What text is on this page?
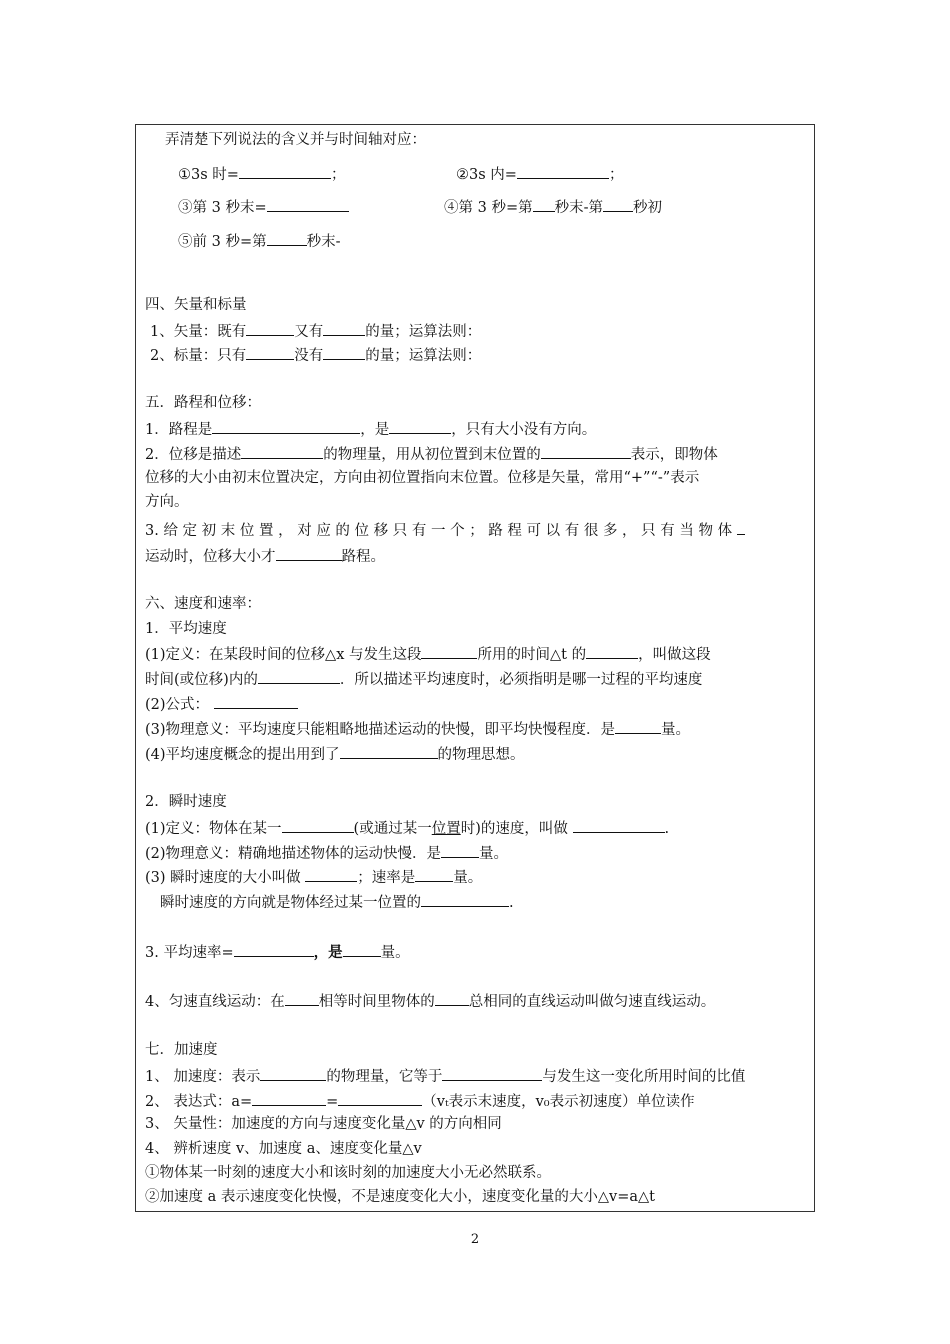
弄清楚下列说法的含义并与时间轴对应：
①3s 时=	；	②3s 内=	；
③第 3 秒末=	④第 3 秒=第 秒末-第 秒初
⑤前 3 秒=第	秒末-
四、矢量和标量
1、矢量：既有	又有	的量；运算法则：
2、标量：只有	没有	的量；运算法则：
五．路程和位移：
1．路程是	，是	，只有大小没有方向。
2．位移是描述	的物理量，用从初位置到末位置的	表示，即物体
位移的大小由初末位置决定，方向由初位置指向末位置。位移是矢量，常用“+”“-”表示
方向。
3. 给 定 初 末 位 置 ， 对 应 的 位 移 只 有 一 个 ； 路 程 可 以 有 很 多 ， 只 有 当 物 体
运动时，位移大小才	路程。
六、速度和速率：
1．平均速度
(1)定义：在某段时间的位移△x 与发生这段	所用的时间△t 的	，叫做这段
时间(或位移)内的	．所以描述平均速度时，必须指明是哪一过程的平均速度
(2)公式：
(3)物理意义：平均速度只能粗略地描述运动的快慢，即平均快慢程度．是	量。
(4)平均速度概念的提出用到了	的物理思想。
2．瞬时速度
(1)定义：物体在某一	(或通过某一位置时)的速度，叫做	.
(2)物理意义：精确地描述物体的运动快慢．是	量。
(3) 瞬时速度的大小叫做	；速率是	量。
瞬时速度的方向就是物体经过某一位置的	.
3. 平均速率=	，是	量。
4、匀速直线运动：在 相等时间里物体的 总相同的直线运动叫做匀速直线运动。
七．加速度
1、 加速度：表示	的物理量，它等于	与发生这一变化所用时间的比值
2、 表达式：a=	=	（vₜ表示末速度，v₀表示初速度）单位读作
3、 矢量性：加速度的方向与速度变化量△v 的方向相同
4、 辨析速度 v、加速度 a、速度变化量△v
①物体某一时刻的速度大小和该时刻的加速度大小无必然联系。
②加速度 a 表示速度变化快慢，不是速度变化大小，速度变化量的大小△v=a△t
2
